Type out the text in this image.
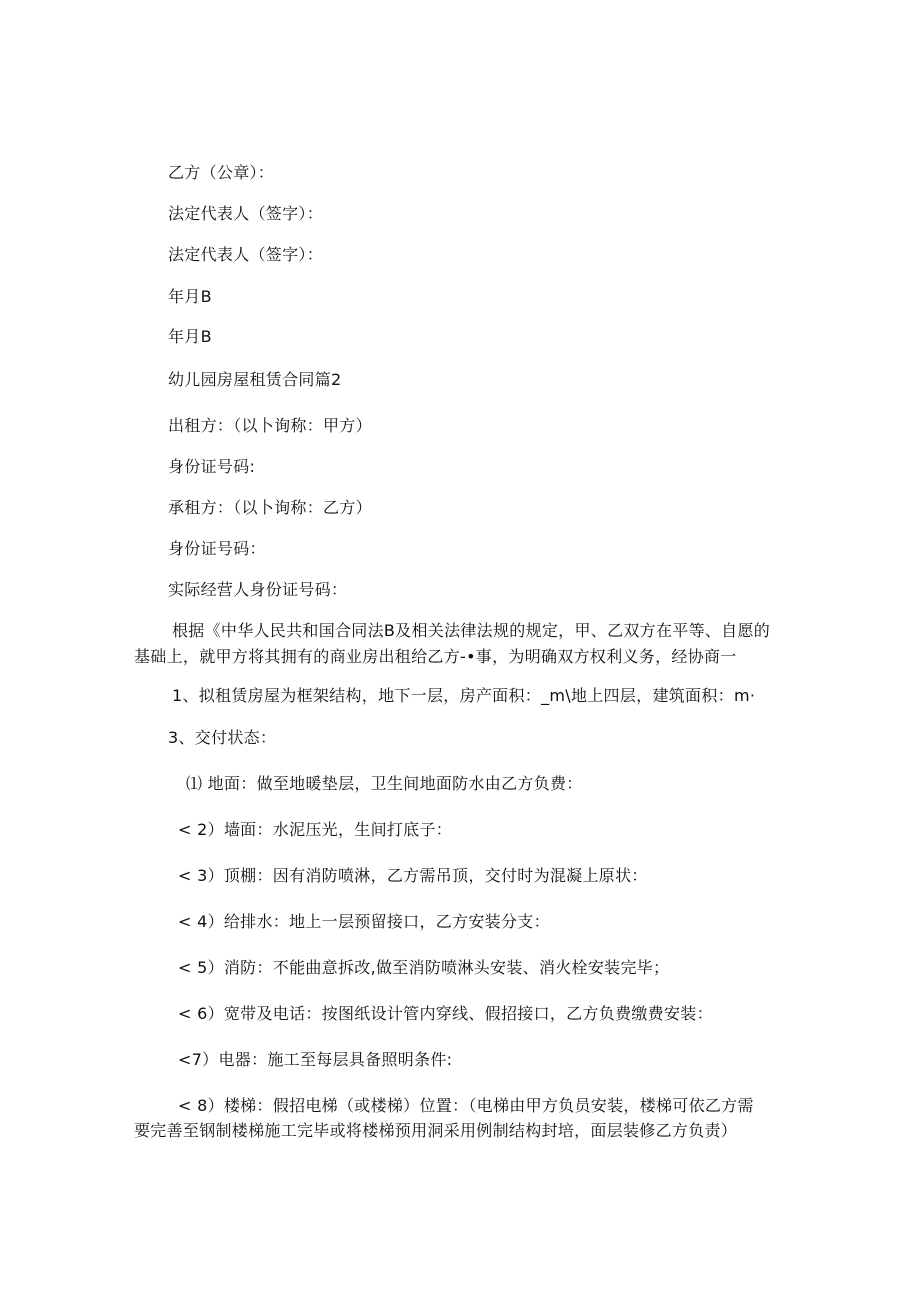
乙方（公章）：
法定代表人（签字）：
法定代表人（签字）：
年月B
年月B
幼儿园房屋租赁合同篇2
出租方：（以卜询称：甲方）
身份证号码:
承租方：（以卜询称：乙方）
身份证号码：
实际经营人身份证号码：
根据《中华人民共和国合同法B及相关法律法规的规定，甲、乙双方在平等、自愿的
基础上，就甲方将其拥有的商业房出租给乙方-•事，为明确双方权利义务，经协商一
1、拟租赁房屋为框架结构，地下一层，房产面积：_m\地上四层，建筑面积：m·
3、交付状态：
⑴ 地面：做至地暖垫层，卫生间地面防水由乙方负费：
< 2）墙面：水泥压光，生间打底子：
< 3）顶棚：因有消防喷淋，乙方需吊顶，交付时为混凝上原状：
< 4）给排水：地上一层预留接口，乙方安装分支：
< 5）消防：不能曲意拆改,做至消防喷淋头安装、消火栓安装完毕；
< 6）宽带及电话：按图纸设计管内穿线、假招接口，乙方负费缴费安装：
<7）电器：施工至每层具备照明条件:
< 8）楼梯：假招电梯（或楼梯）位置：（电梯由甲方负员安装，楼梯可依乙方需
要完善至钢制楼梯施工完毕或将楼梯预用洞采用例制结构封培，面层装修乙方负责）
